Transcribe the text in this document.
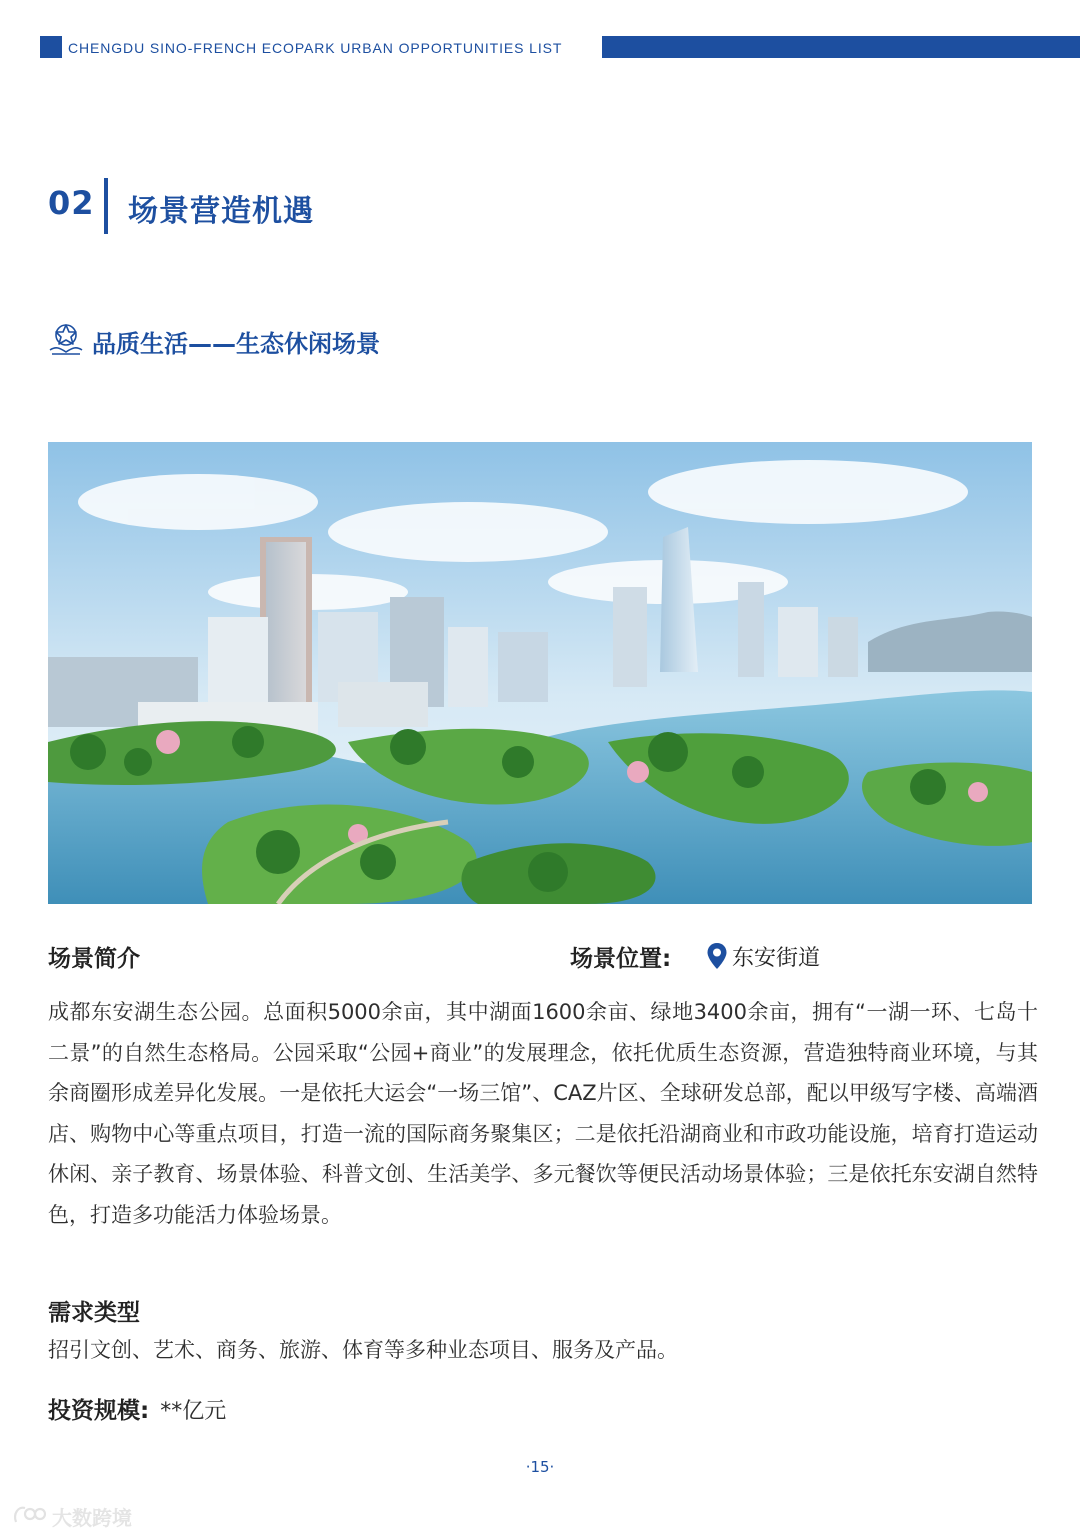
CHENGDU SINO-FRENCH ECOPARK URBAN OPPORTUNITIES LIST
02 场景营造机遇
品质生活——生态休闲场景
场景简介	场景位置:	东安街道
成都东安湖生态公园。总面积5000余亩，其中湖面1600余亩、绿地3400余亩，拥有“一湖一环、七岛十二景”的自然生态格局。公园采取“公园+商业”的发展理念，依托优质生态资源，营造独特商业环境，与其余商圈形成差异化发展。一是依托大运会“一场三馆”、CAZ片区、全球研发总部，配以甲级写字楼、高端酒店、购物中心等重点项目，打造一流的国际商务聚集区；二是依托沿湖商业和市政功能设施，培育打造运动休闲、亲子教育、场景体验、科普文创、生活美学、多元餐饮等便民活动场景体验；三是依托东安湖自然特色，打造多功能活力体验场景。
需求类型
招引文创、艺术、商务、旅游、体育等多种业态项目、服务及产品。
投资规模: **亿元
·15·
大数跨境
